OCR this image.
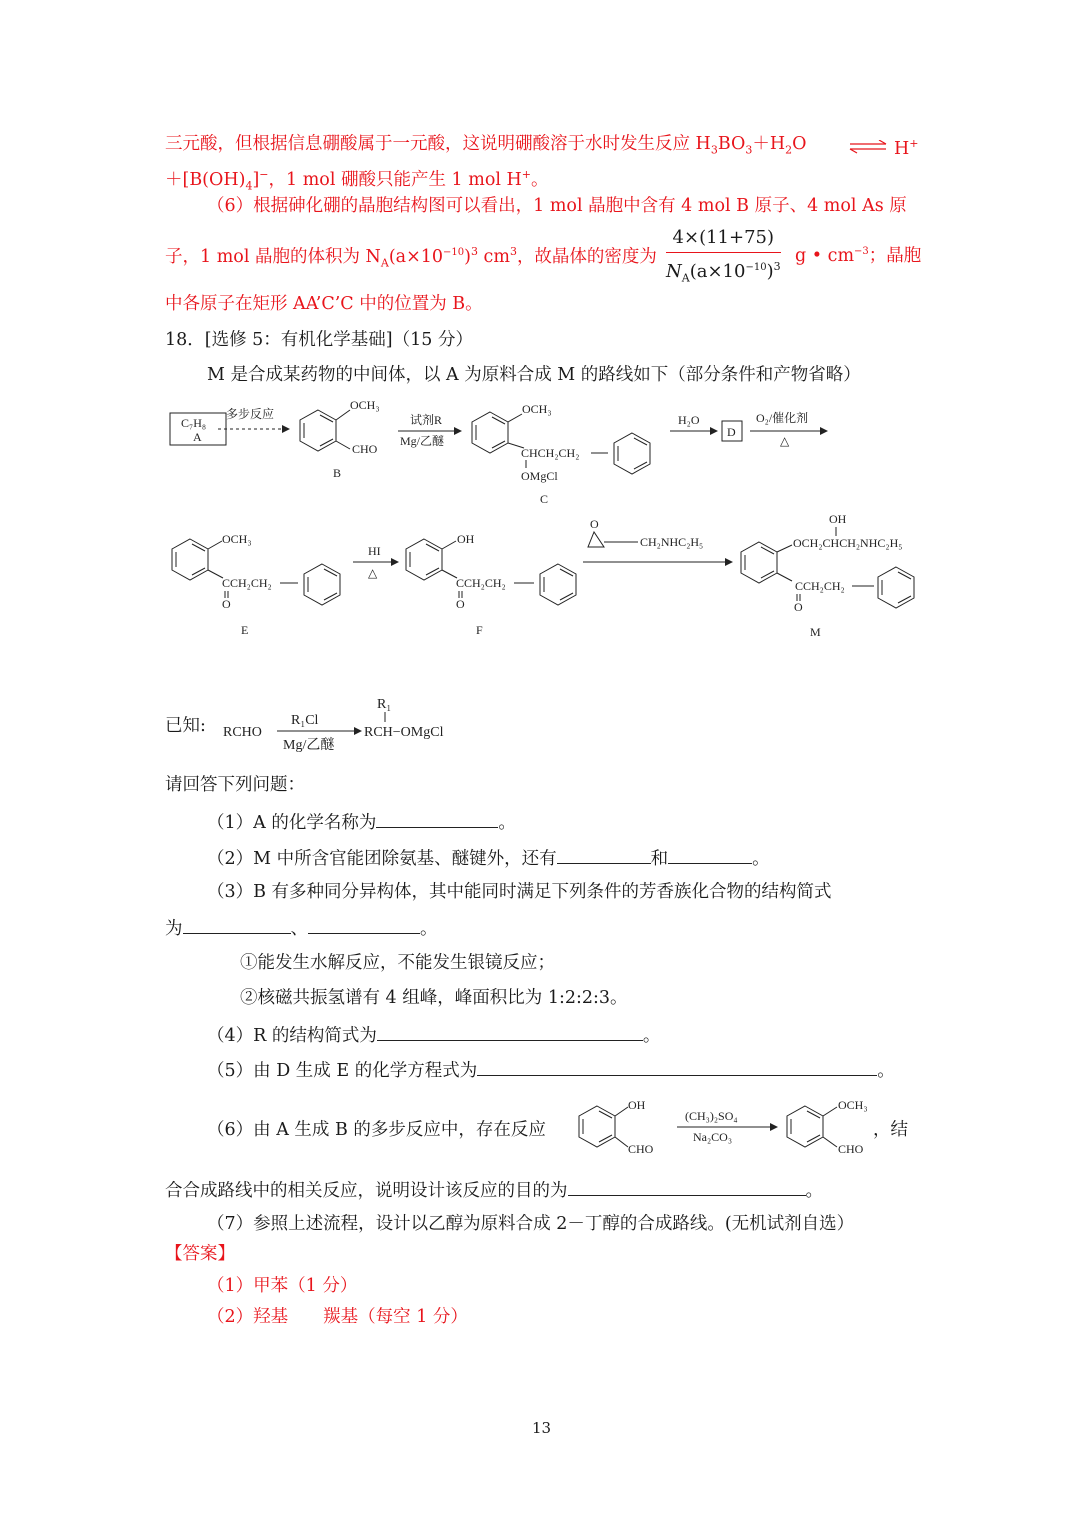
三元酸，但根据信息硼酸属于一元酸，这说明硼酸溶于水时发生反应 $H_3BO_3+H_2O$ ⇌ H+
$+[B(OH)_4]^-$，1 mol 硼酸只能产生 1 mol H+。
（6）根据砷化硼的晶胞结构图可以看出，1 mol 晶胞中含有 4 mol B 原子、4 mol As 原
子，1 mol 晶胞的体积为 $N_A(a\times 10^{-10})^3$ $cm^3$，故晶体的密度为 $\frac{4\times(11+75)}{N_A(a\times 10^{-10})^3}$ g • $cm^{-3}$；晶胞
中各原子在矩形 AA’C’C 中的位置为 B。
18．[选修 5：有机化学基础]（15 分）
M 是合成某药物的中间体，以 A 为原料合成 M 的路线如下（部分条件和产物省略）
C₇H₈
A
多步反应
OCH₃
CHO
B
试剂R
Mg/乙醚
OCH₃
CHCH₂CH₂
OMgCl
C
H₂O
D
O₂/催化剂
△
OCH₃
CCH₂CH₂
O
E
HI
△
OH
CCH₂CH₂
O
F
O
CH₂NHC₂H₅
OH
OCH₂CHCH₂NHC₂H₅
CCH₂CH₂
O
M
已知: RCHO
R₁Cl
Mg/乙醚
R₁
RCH−OMgCl
请回答下列问题：
（1）A 的化学名称为	。
（2）M 中所含官能团除氨基、醚键外，还有	和	。
（3）B 有多种同分异构体，其中能同时满足下列条件的芳香族化合物的结构简式
为	、	。
①能发生水解反应，不能发生银镜反应；
②核磁共振氢谱有 4 组峰，峰面积比为 1:2:2:3。
（4）R 的结构简式为	。
（5）由 D 生成 E 的化学方程式为	。
（6）由 A 生成 B 的多步反应中，存在反应	，结
OH
CHO
(CH₃)₂SO₄
Na₂CO₃
OCH₃
CHO
合合成路线中的相关反应，说明设计该反应的目的为	。
（7）参照上述流程，设计以乙醇为原料合成 2－丁醇的合成路线。(无机试剂自选）
【答案】
（1）甲苯（1 分）
（2）羟基　　羰基（每空 1 分）
13
